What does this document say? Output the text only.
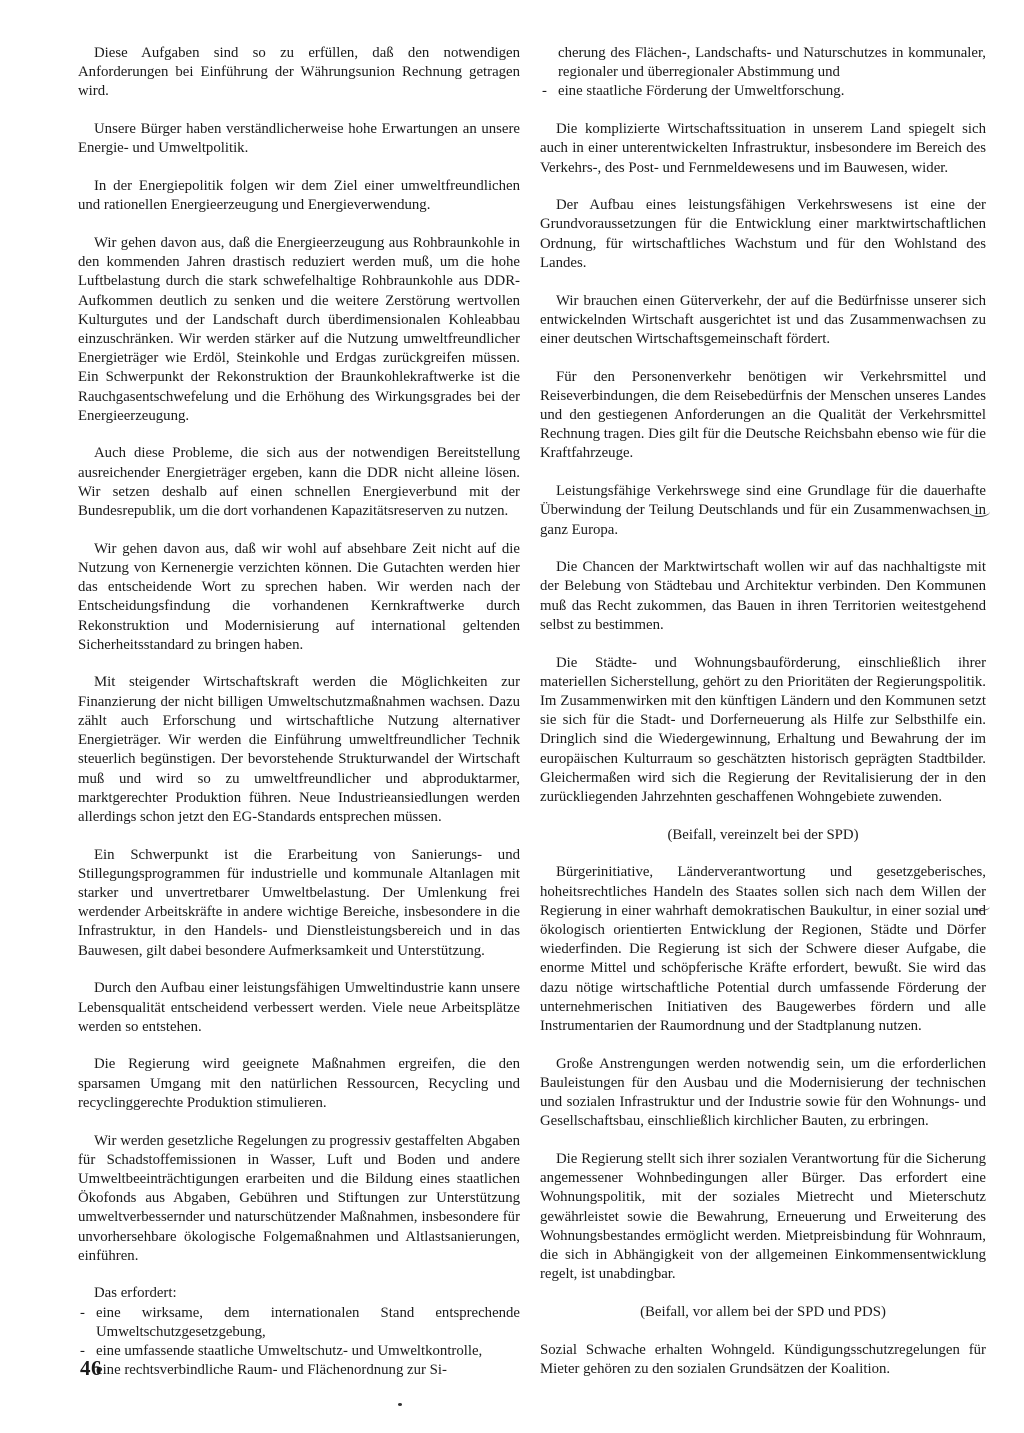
Diese Aufgaben sind so zu erfüllen, daß den notwendigen Anforderungen bei Einführung der Währungsunion Rechnung getragen wird.

Unsere Bürger haben verständlicherweise hohe Erwartungen an unsere Energie- und Umweltpolitik.

In der Energiepolitik folgen wir dem Ziel einer umweltfreundlichen und rationellen Energieerzeugung und Energieverwendung.

Wir gehen davon aus, daß die Energieerzeugung aus Rohbraunkohle in den kommenden Jahren drastisch reduziert werden muß, um die hohe Luftbelastung durch die stark schwefelhaltige Rohbraunkohle aus DDR-Aufkommen deutlich zu senken und die weitere Zerstörung wertvollen Kulturgutes und der Landschaft durch überdimensionalen Kohleabbau einzuschränken. Wir werden stärker auf die Nutzung umweltfreundlicher Energieträger wie Erdöl, Steinkohle und Erdgas zurückgreifen müssen. Ein Schwerpunkt der Rekonstruktion der Braunkohlekraftwerke ist die Rauchgasentschwefelung und die Erhöhung des Wirkungsgrades bei der Energieerzeugung.

Auch diese Probleme, die sich aus der notwendigen Bereitstellung ausreichender Energieträger ergeben, kann die DDR nicht alleine lösen. Wir setzen deshalb auf einen schnellen Energieverbund mit der Bundesrepublik, um die dort vorhandenen Kapazitätsreserven zu nutzen.

Wir gehen davon aus, daß wir wohl auf absehbare Zeit nicht auf die Nutzung von Kernenergie verzichten können. Die Gutachten werden hier das entscheidende Wort zu sprechen haben. Wir werden nach der Entscheidungsfindung die vorhandenen Kernkraftwerke durch Rekonstruktion und Modernisierung auf international geltenden Sicherheitsstandard zu bringen haben.

Mit steigender Wirtschaftskraft werden die Möglichkeiten zur Finanzierung der nicht billigen Umweltschutzmaßnahmen wachsen. Dazu zählt auch Erforschung und wirtschaftliche Nutzung alternativer Energieträger. Wir werden die Einführung umweltfreundlicher Technik steuerlich begünstigen. Der bevorstehende Strukturwandel der Wirtschaft muß und wird so zu umweltfreundlicher und abproduktarmer, marktgerechter Produktion führen. Neue Industrieansiedlungen werden allerdings schon jetzt den EG-Standards entsprechen müssen.

Ein Schwerpunkt ist die Erarbeitung von Sanierungs- und Stillegungsprogrammen für industrielle und kommunale Altanlagen mit starker und unvertretbarer Umweltbelastung. Der Umlenkung frei werdender Arbeitskräfte in andere wichtige Bereiche, insbesondere in die Infrastruktur, in den Handels- und Dienstleistungsbereich und in das Bauwesen, gilt dabei besondere Aufmerksamkeit und Unterstützung.

Durch den Aufbau einer leistungsfähigen Umweltindustrie kann unsere Lebensqualität entscheidend verbessert werden. Viele neue Arbeitsplätze werden so entstehen.

Die Regierung wird geeignete Maßnahmen ergreifen, die den sparsamen Umgang mit den natürlichen Ressourcen, Recycling und recyclinggerechte Produktion stimulieren.

Wir werden gesetzliche Regelungen zu progressiv gestaffelten Abgaben für Schadstoffemissionen in Wasser, Luft und Boden und andere Umweltbeeinträchtigungen erarbeiten und die Bildung eines staatlichen Ökofonds aus Abgaben, Gebühren und Stiftungen zur Unterstützung umweltverbessernder und naturschützender Maßnahmen, insbesondere für unvorhersehbare ökologische Folgemaßnahmen und Altlastsanierungen, einführen.

Das erfordert:

- eine wirksame, dem internationalen Stand entsprechende Umweltschutzgesetzgebung,
- eine umfassende staatliche Umweltschutz- und Umweltkontrolle,
- eine rechtsverbindliche Raum- und Flächenordnung zur Si-
cherung des Flächen-, Landschafts- und Naturschutzes in kommunaler, regionaler und überregionaler Abstimmung und
- eine staatliche Förderung der Umweltforschung.

Die komplizierte Wirtschaftssituation in unserem Land spiegelt sich auch in einer unterentwickelten Infrastruktur, insbesondere im Bereich des Verkehrs-, des Post- und Fernmeldewesens und im Bauwesen, wider.

Der Aufbau eines leistungsfähigen Verkehrswesens ist eine der Grundvoraussetzungen für die Entwicklung einer marktwirtschaftlichen Ordnung, für wirtschaftliches Wachstum und für den Wohlstand des Landes.

Wir brauchen einen Güterverkehr, der auf die Bedürfnisse unserer sich entwickelnden Wirtschaft ausgerichtet ist und das Zusammenwachsen zu einer deutschen Wirtschaftsgemeinschaft fördert.

Für den Personenverkehr benötigen wir Verkehrsmittel und Reiseverbindungen, die dem Reisebedürfnis der Menschen unseres Landes und den gestiegenen Anforderungen an die Qualität der Verkehrsmittel Rechnung tragen. Dies gilt für die Deutsche Reichsbahn ebenso wie für die Kraftfahrzeuge.

Leistungsfähige Verkehrswege sind eine Grundlage für die dauerhafte Überwindung der Teilung Deutschlands und für ein Zusammenwachsen in ganz Europa.

Die Chancen der Marktwirtschaft wollen wir auf das nachhaltigste mit der Belebung von Städtebau und Architektur verbinden. Den Kommunen muß das Recht zukommen, das Bauen in ihren Territorien weitestgehend selbst zu bestimmen.

Die Städte- und Wohnungsbauförderung, einschließlich ihrer materiellen Sicherstellung, gehört zu den Prioritäten der Regierungspolitik. Im Zusammenwirken mit den künftigen Ländern und den Kommunen setzt sie sich für die Stadt- und Dorferneuerung als Hilfe zur Selbsthilfe ein. Dringlich sind die Wiedergewinnung, Erhaltung und Bewahrung der im europäischen Kulturraum so geschätzten historisch geprägten Stadtbilder. Gleichermaßen wird sich die Regierung der Revitalisierung der in den zurückliegenden Jahrzehnten geschaffenen Wohngebiete zuwenden.

(Beifall, vereinzelt bei der SPD)

Bürgerinitiative, Länderverantwortung und gesetzgeberisches, hoheitsrechtliches Handeln des Staates sollen sich nach dem Willen der Regierung in einer wahrhaft demokratischen Baukultur, in einer sozial und ökologisch orientierten Entwicklung der Regionen, Städte und Dörfer wiederfinden. Die Regierung ist sich der Schwere dieser Aufgabe, die enorme Mittel und schöpferische Kräfte erfordert, bewußt. Sie wird das dazu nötige wirtschaftliche Potential durch umfassende Förderung der unternehmerischen Initiativen des Baugewerbes fördern und alle Instrumentarien der Raumordnung und der Stadtplanung nutzen.

Große Anstrengungen werden notwendig sein, um die erforderlichen Bauleistungen für den Ausbau und die Modernisierung der technischen und sozialen Infrastruktur und der Industrie sowie für den Wohnungs- und Gesellschaftsbau, einschließlich kirchlicher Bauten, zu erbringen.

Die Regierung stellt sich ihrer sozialen Verantwortung für die Sicherung angemessener Wohnbedingungen aller Bürger. Das erfordert eine Wohnungspolitik, mit der soziales Mietrecht und Mieterschutz gewährleistet sowie die Bewahrung, Erneuerung und Erweiterung des Wohnungsbestandes ermöglicht werden. Mietpreisbindung für Wohnraum, die sich in Abhängigkeit von der allgemeinen Einkommensentwicklung regelt, ist unabdingbar.

(Beifall, vor allem bei der SPD und PDS)

Sozial Schwache erhalten Wohngeld. Kündigungsschutzregelungen für Mieter gehören zu den sozialen Grundsätzen der Koalition.

46
